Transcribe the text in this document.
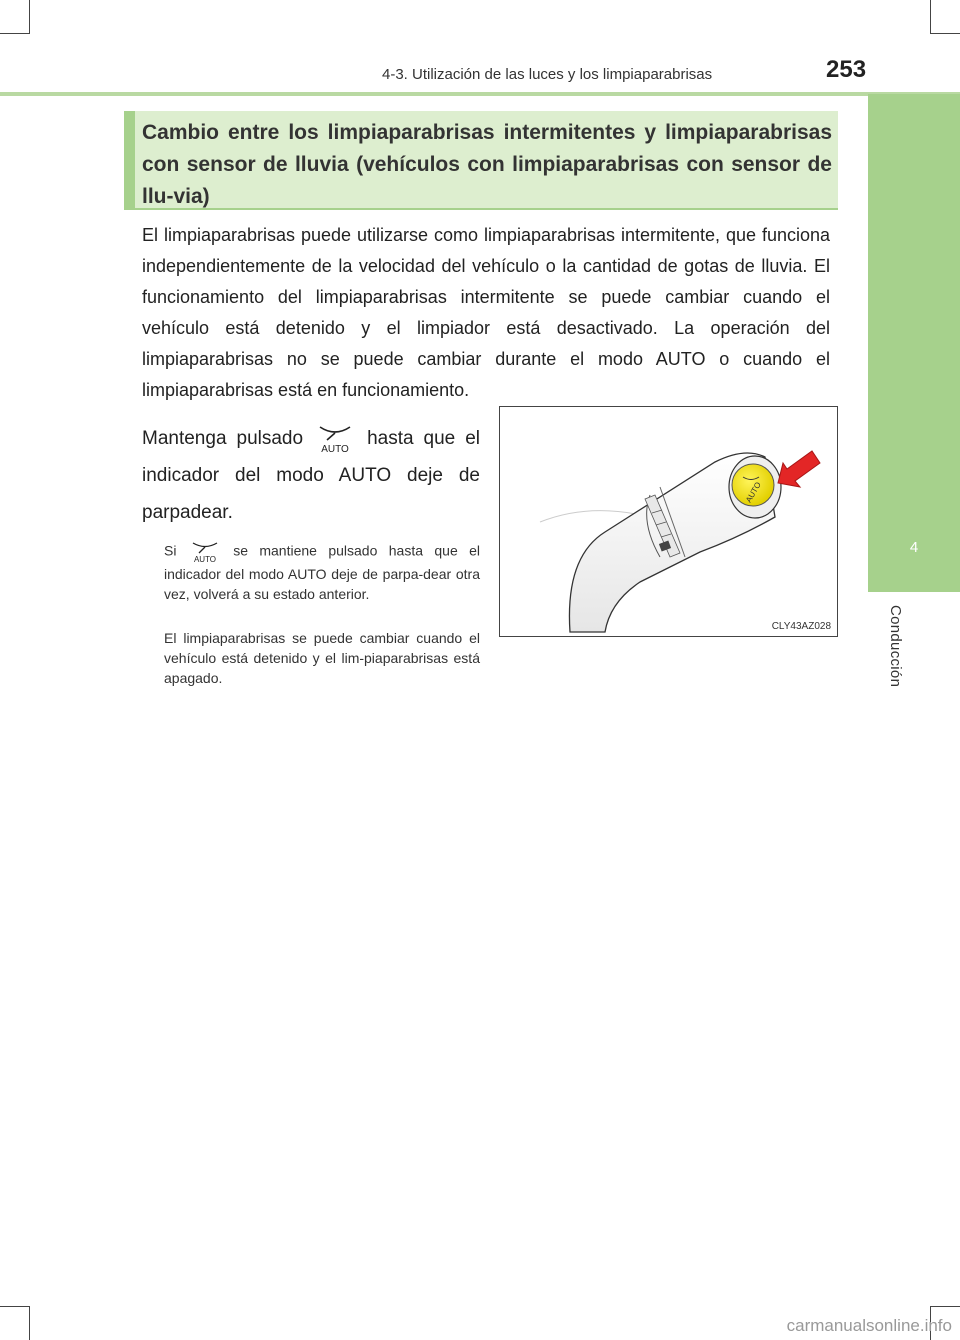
4-3. Utilización de las luces y los limpiaparabrisas	253
4
Conducción
Cambio entre los limpiaparabrisas intermitentes y limpiaparabrisas con sensor de lluvia (vehículos con limpiaparabrisas con sensor de llu-via)

El limpiaparabrisas puede utilizarse como limpiaparabrisas intermitente, que funciona independientemente de la velocidad del vehículo o la cantidad de gotas de lluvia. El funcionamiento del limpiaparabrisas intermitente se puede cambiar cuando el vehículo está detenido y el limpiador está desactivado. La operación del limpiaparabrisas no se puede cambiar durante el modo AUTO o cuando el limpiaparabrisas está en funcionamiento.

Mantenga pulsado
AUTO
hasta que el indicador del modo AUTO deje de parpadear.

Si
AUTO
se mantiene pulsado hasta que el indicador del modo AUTO deje de parpa-dear otra vez, volverá a su estado anterior.

El limpiaparabrisas se puede cambiar cuando el vehículo está detenido y el lim-piaparabrisas está apagado.

AUTO
CLY43AZ028
carmanualsonline.info
